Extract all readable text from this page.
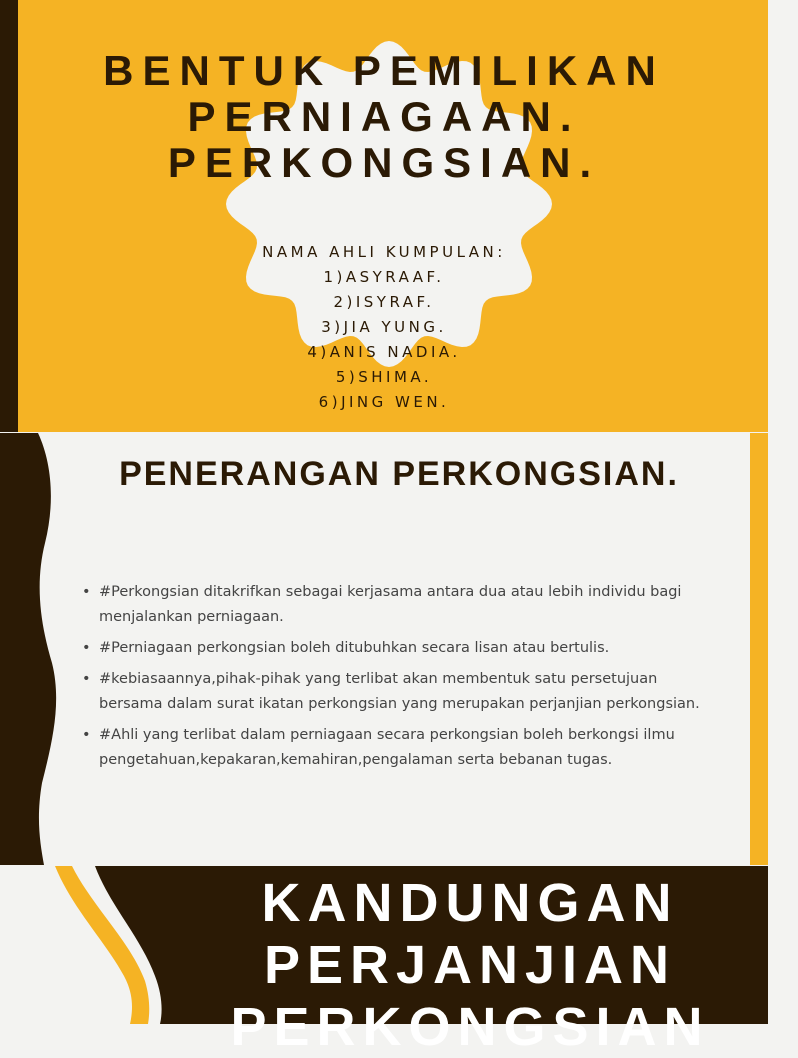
BENTUK PEMILIKAN
PERNIAGAAN.
PERKONGSIAN.
NAMA AHLI KUMPULAN:
1)ASYRAAF.
2)ISYRAF.
3)JIA YUNG.
4)ANIS NADIA.
5)SHIMA.
6)JING WEN.
PENERANGAN PERKONGSIAN.
• #Perkongsian ditakrifkan sebagai kerjasama antara dua atau lebih individu bagi menjalankan perniagaan.
• #Perniagaan perkongsian boleh ditubuhkan secara lisan atau bertulis.
• #kebiasaannya,pihak-pihak yang terlibat akan membentuk satu persetujuan bersama dalam surat ikatan perkongsian yang merupakan perjanjian perkongsian.
• #Ahli yang terlibat dalam perniagaan secara perkongsian boleh berkongsi ilmu pengetahuan,kepakaran,kemahiran,pengalaman serta bebanan tugas.
KANDUNGAN
PERJANJIAN
PERKONGSIAN
